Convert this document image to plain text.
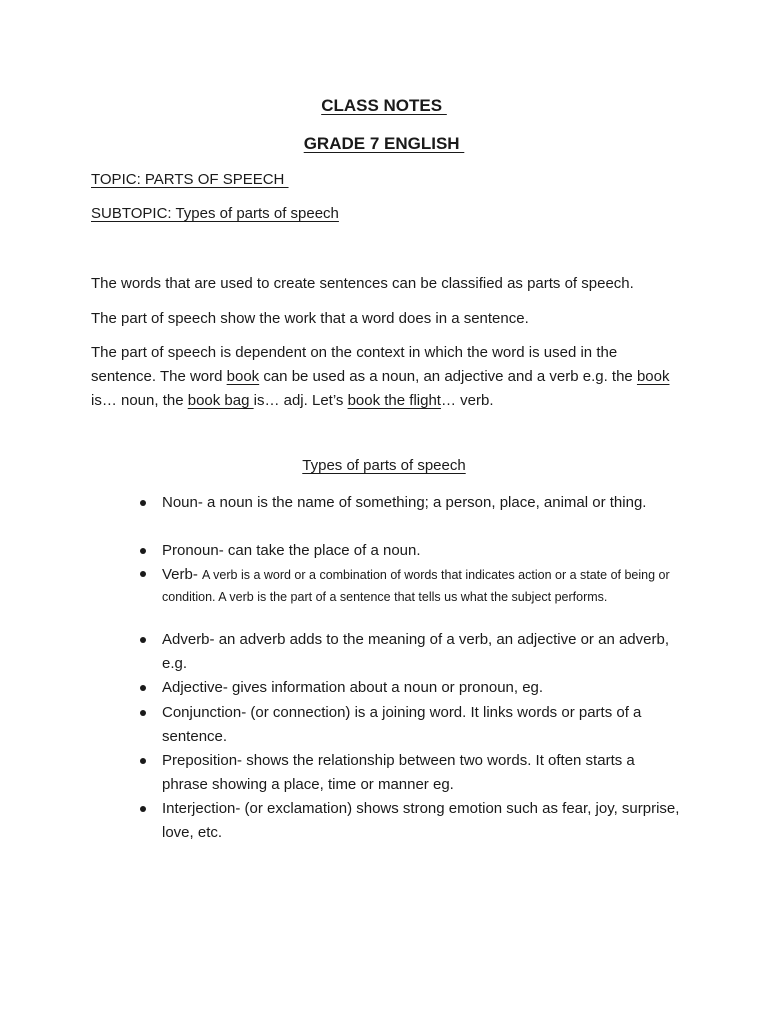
CLASS NOTES
GRADE 7 ENGLISH
TOPIC: PARTS OF SPEECH
SUBTOPIC: Types of parts of speech
The words that are used to create sentences can be classified as parts of speech.
The part of speech show the work that a word does in a sentence.
The part of speech is dependent on the context in which the word is used in the sentence. The word book can be used as a noun, an adjective and a verb e.g. the book is… noun, the book bag is… adj. Let’s book the flight… verb.
Types of parts of speech
Noun- a noun is the name of something; a person, place, animal or thing.
Pronoun- can take the place of a noun.
Verb- A verb is a word or a combination of words that indicates action or a state of being or condition. A verb is the part of a sentence that tells us what the subject performs.
Adverb- an adverb adds to the meaning of a verb, an adjective or an adverb, e.g.
Adjective- gives information about a noun or pronoun, eg.
Conjunction- (or connection) is a joining word. It links words or parts of a sentence.
Preposition- shows the relationship between two words. It often starts a phrase showing a place, time or manner eg.
Interjection- (or exclamation) shows strong emotion such as fear, joy, surprise, love, etc.
